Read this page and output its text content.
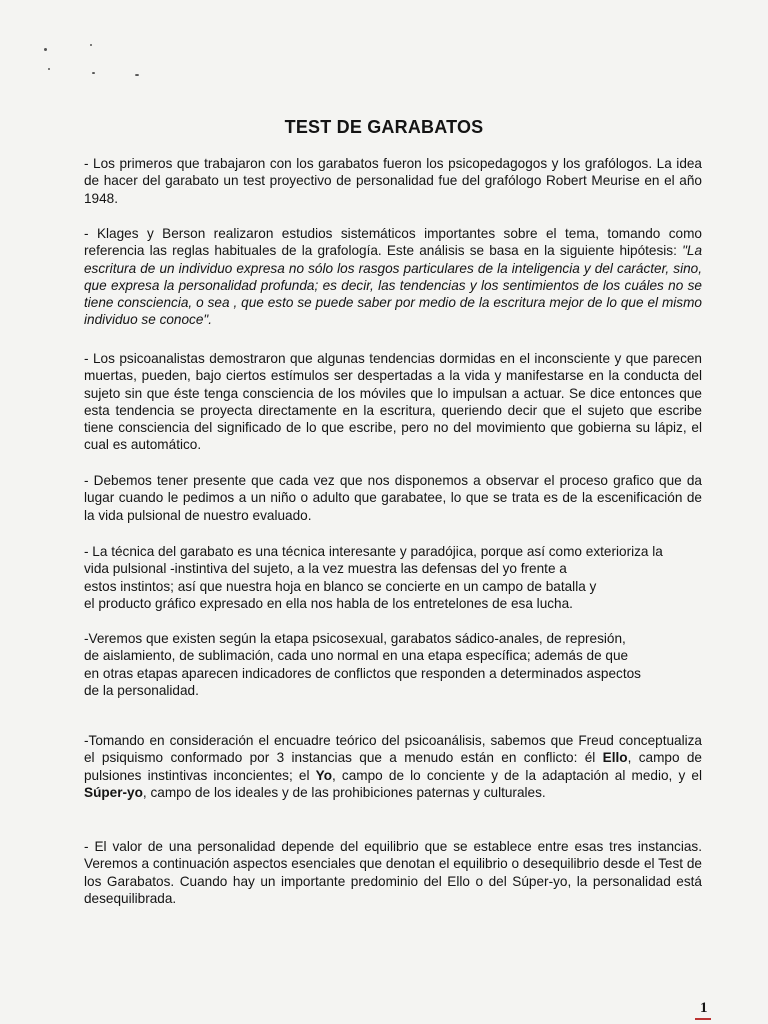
TEST DE GARABATOS
- Los primeros que trabajaron con los garabatos fueron los psicopedagogos y los grafólogos. La idea de hacer del garabato un test proyectivo de personalidad fue del grafólogo Robert Meurise en el año 1948.
- Klages y Berson realizaron estudios sistemáticos importantes sobre el tema, tomando como referencia las reglas habituales de la grafología. Este análisis se basa en la siguiente hipótesis: "La escritura de un individuo expresa no sólo los rasgos particulares de la inteligencia y del carácter, sino, que expresa la personalidad profunda; es decir, las tendencias y los sentimientos de los cuáles no se tiene consciencia, o sea , que esto se puede saber por medio de la escritura mejor de lo que el mismo individuo se conoce".
- Los psicoanalistas demostraron que algunas tendencias dormidas en el inconsciente y que parecen muertas, pueden, bajo ciertos estímulos ser despertadas a la vida y manifestarse en la conducta del sujeto sin que éste tenga consciencia de los móviles que lo impulsan a actuar. Se dice entonces que esta tendencia se proyecta directamente en la escritura, queriendo decir que el sujeto que escribe tiene consciencia del significado de lo que escribe, pero no del movimiento que gobierna su lápiz, el cual es automático.
- Debemos tener presente que cada vez que nos disponemos a observar el proceso grafico que da lugar cuando le pedimos a un niño o adulto que garabatee, lo que se trata es de la escenificación de la vida pulsional de nuestro evaluado.
- La técnica del garabato es una técnica interesante y paradójica, porque así como exterioriza la
vida pulsional -instintiva del sujeto, a la vez muestra las defensas del yo frente a
estos instintos; así que nuestra hoja en blanco se concierte en un campo de batalla y
el producto gráfico expresado en ella nos habla de los entretelones de esa lucha.
-Veremos que existen según la etapa psicosexual, garabatos sádico-anales, de represión,
de aislamiento, de sublimación, cada uno normal en una etapa específica; además de que
en otras etapas aparecen indicadores de conflictos que responden a determinados aspectos
de la personalidad.
-Tomando en consideración el encuadre teórico del psicoanálisis, sabemos que Freud conceptualiza el psiquismo conformado por 3 instancias que a menudo están en conflicto: él Ello, campo de pulsiones instintivas inconcientes; el Yo, campo de lo conciente y de la adaptación al medio, y el Súper-yo, campo de los ideales y de las prohibiciones paternas y culturales.
- El valor de una personalidad depende del equilibrio que se establece entre esas tres instancias. Veremos a continuación aspectos esenciales que denotan el equilibrio o desequilibrio desde el Test de los Garabatos. Cuando hay un importante predominio del Ello o del Súper-yo, la personalidad está desequilibrada.
1
